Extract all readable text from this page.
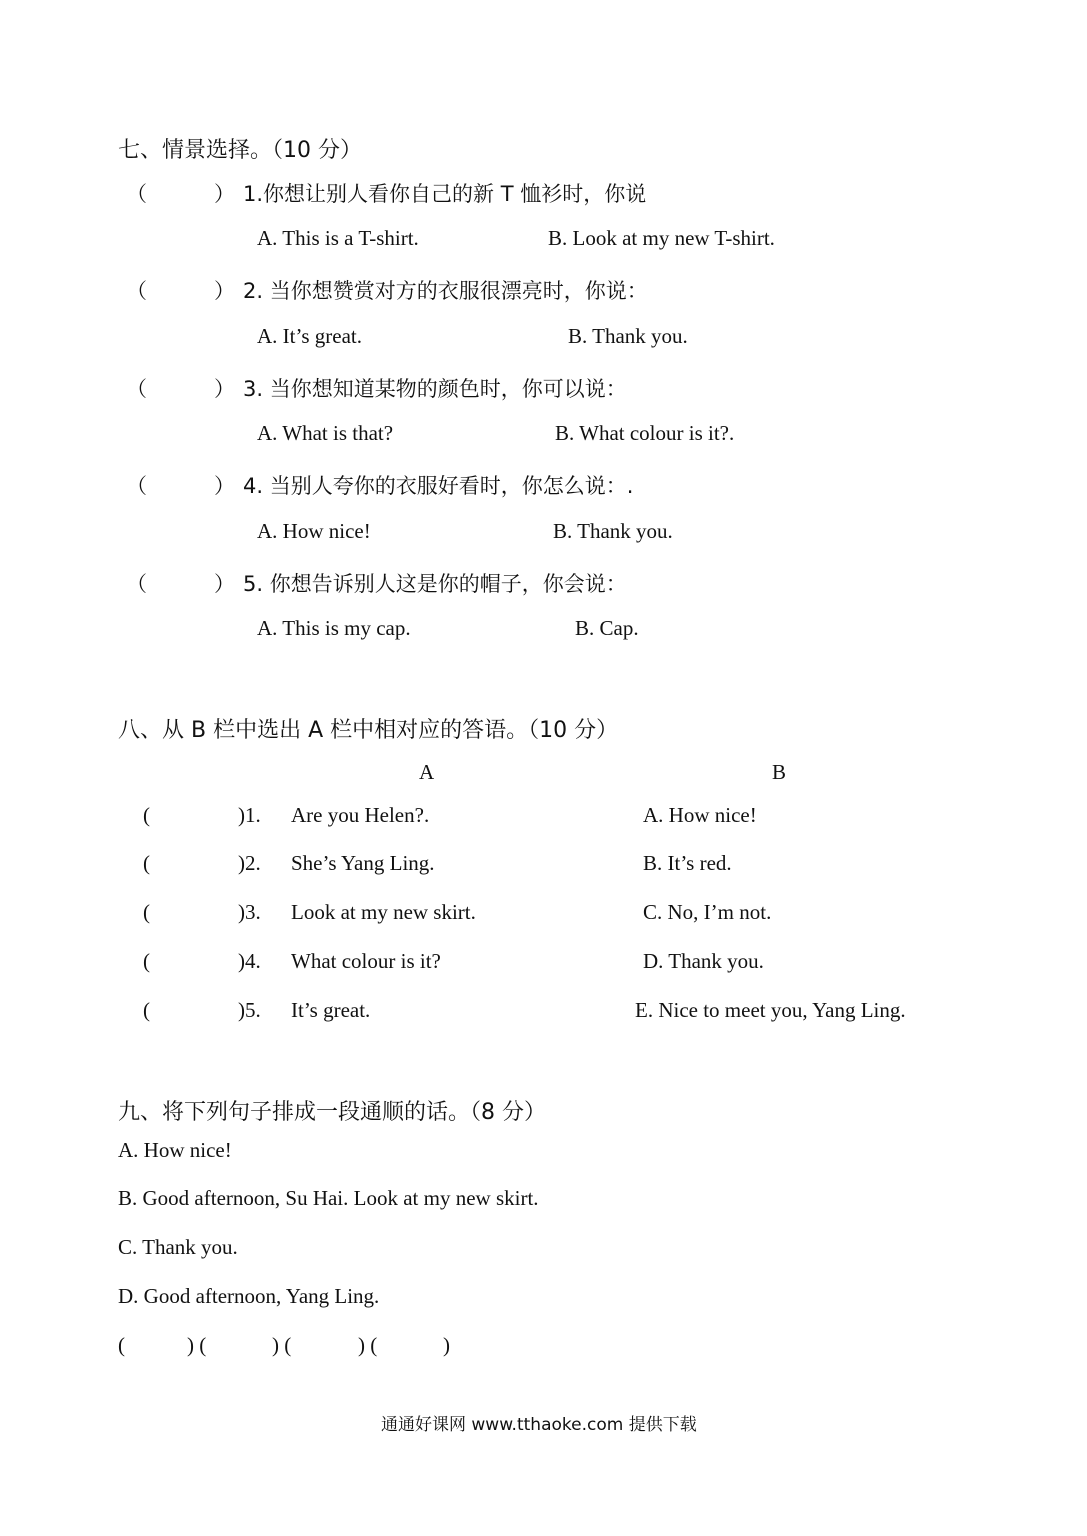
七、情景选择。（10 分）
（	） 1.你想让别人看你自己的新 T 恤衫时，你说
A. This is a T-shirt.	B. Look at my new T-shirt.
（	） 2. 当你想赞赏对方的衣服很漂亮时，你说：
A. It’s great.	B. Thank you.
（	） 3. 当你想知道某物的颜色时，你可以说：
A. What is that?	B. What colour is it?.
（	） 4. 当别人夸你的衣服好看时，你怎么说：.
A. How nice!	B. Thank you.
（	） 5. 你想告诉别人这是你的帽子，你会说：
A. This is my cap.	B. Cap.
八、从 B 栏中选出 A 栏中相对应的答语。（10 分）
A	B
(	)1. Are you Helen?.	A. How nice!
(	)2. She’s Yang Ling.	B. It’s red.
(	)3. Look at my new skirt.	C. No, I’m not.
(	)4. What colour is it?	D. Thank you.
(	)5. It’s great.	E. Nice to meet you, Yang Ling.
九、将下列句子排成一段通顺的话。（8 分）
A. How nice!
B. Good afternoon, Su Hai. Look at my new skirt.
C. Thank you.
D. Good afternoon, Yang Ling.
(	) (	) (	) (	)
通通好课网 www.tthaoke.com 提供下载
